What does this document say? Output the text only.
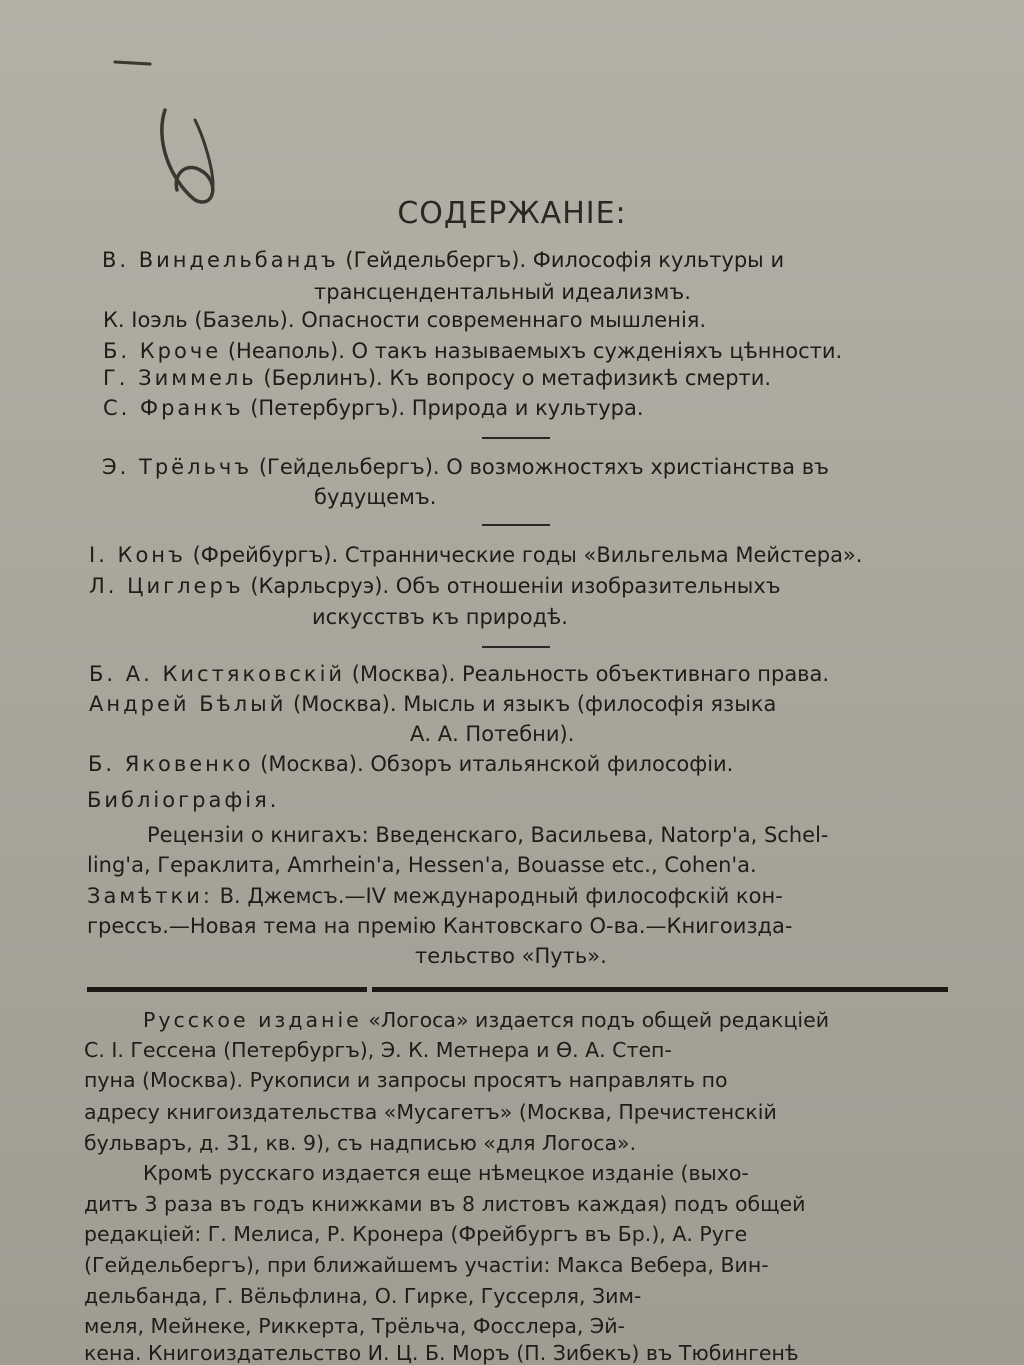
СОДЕРЖАНIЕ:
В. Виндельбандъ (Гейдельбергъ). Философія культуры и
трансцендентальный идеализмъ.
К. Іоэль (Базель). Опасности современнаго мышленія.
Б. Кроче (Неаполь). О такъ называемыхъ сужденіяхъ цѣнности.
Г. Зиммель (Берлинъ). Къ вопросу о метафизикѣ смерти.
С. Франкъ (Петербургъ). Природа и культура.
Э. Трёльчъ (Гейдельбергъ). О возможностяхъ христіанства въ
будущемъ.
І. Конъ (Фрейбургъ). Страннические годы «Вильгельма Мейстера».
Л. Циглеръ (Карльсруэ). Объ отношеніи изобразительныхъ
искусствъ къ природѣ.
Б. А. Кистяковскій (Москва). Реальность объективнаго права.
Андрей Бѣлый (Москва). Мысль и языкъ (философія языка
А. А. Потебни).
Б. Яковенко (Москва). Обзоръ итальянской философіи.
Библіографія.
Рецензіи о книгахъ: Введенскаго, Васильева, Natorp'a, Schel-
ling'a, Гераклита, Amrhein'a, Hessen'a, Bouasse etc., Cohen'a.
Замѣтки: В. Джемсъ.—IV международный философскій кон-
грессъ.—Новая тема на премію Кантовскаго О-ва.—Книгоизда-
тельство «Путь».
Русское изданіе «Логоса» издается подъ общей редакціей
С. І. Гессена (Петербургъ), Э. К. Метнера и Ѳ. А. Степ-
пуна (Москва). Рукописи и запросы просятъ направлять по
адресу книгоиздательства «Мусагетъ» (Москва, Пречистенскій
бульваръ, д. 31, кв. 9), съ надписью «для Логоса».
Кромѣ русскаго издается еще нѣмецкое изданіе (выхо-
дитъ 3 раза въ годъ книжками въ 8 листовъ каждая) подъ общей
редакціей: Г. Мелиса, Р. Кронера (Фрейбургъ въ Бр.), А. Руге
(Гейдельбергъ), при ближайшемъ участіи: Макса Вебера, Вин-
дельбанда, Г. Вёльфлина, О. Гирке, Гуссерля, Зим-
меля, Мейнеке, Риккерта, Трёльча, Фосслера, Эй-
кена. Книгоиздательство И. Ц. Б. Моръ (П. Зибекъ) въ Тюбингенѣ
